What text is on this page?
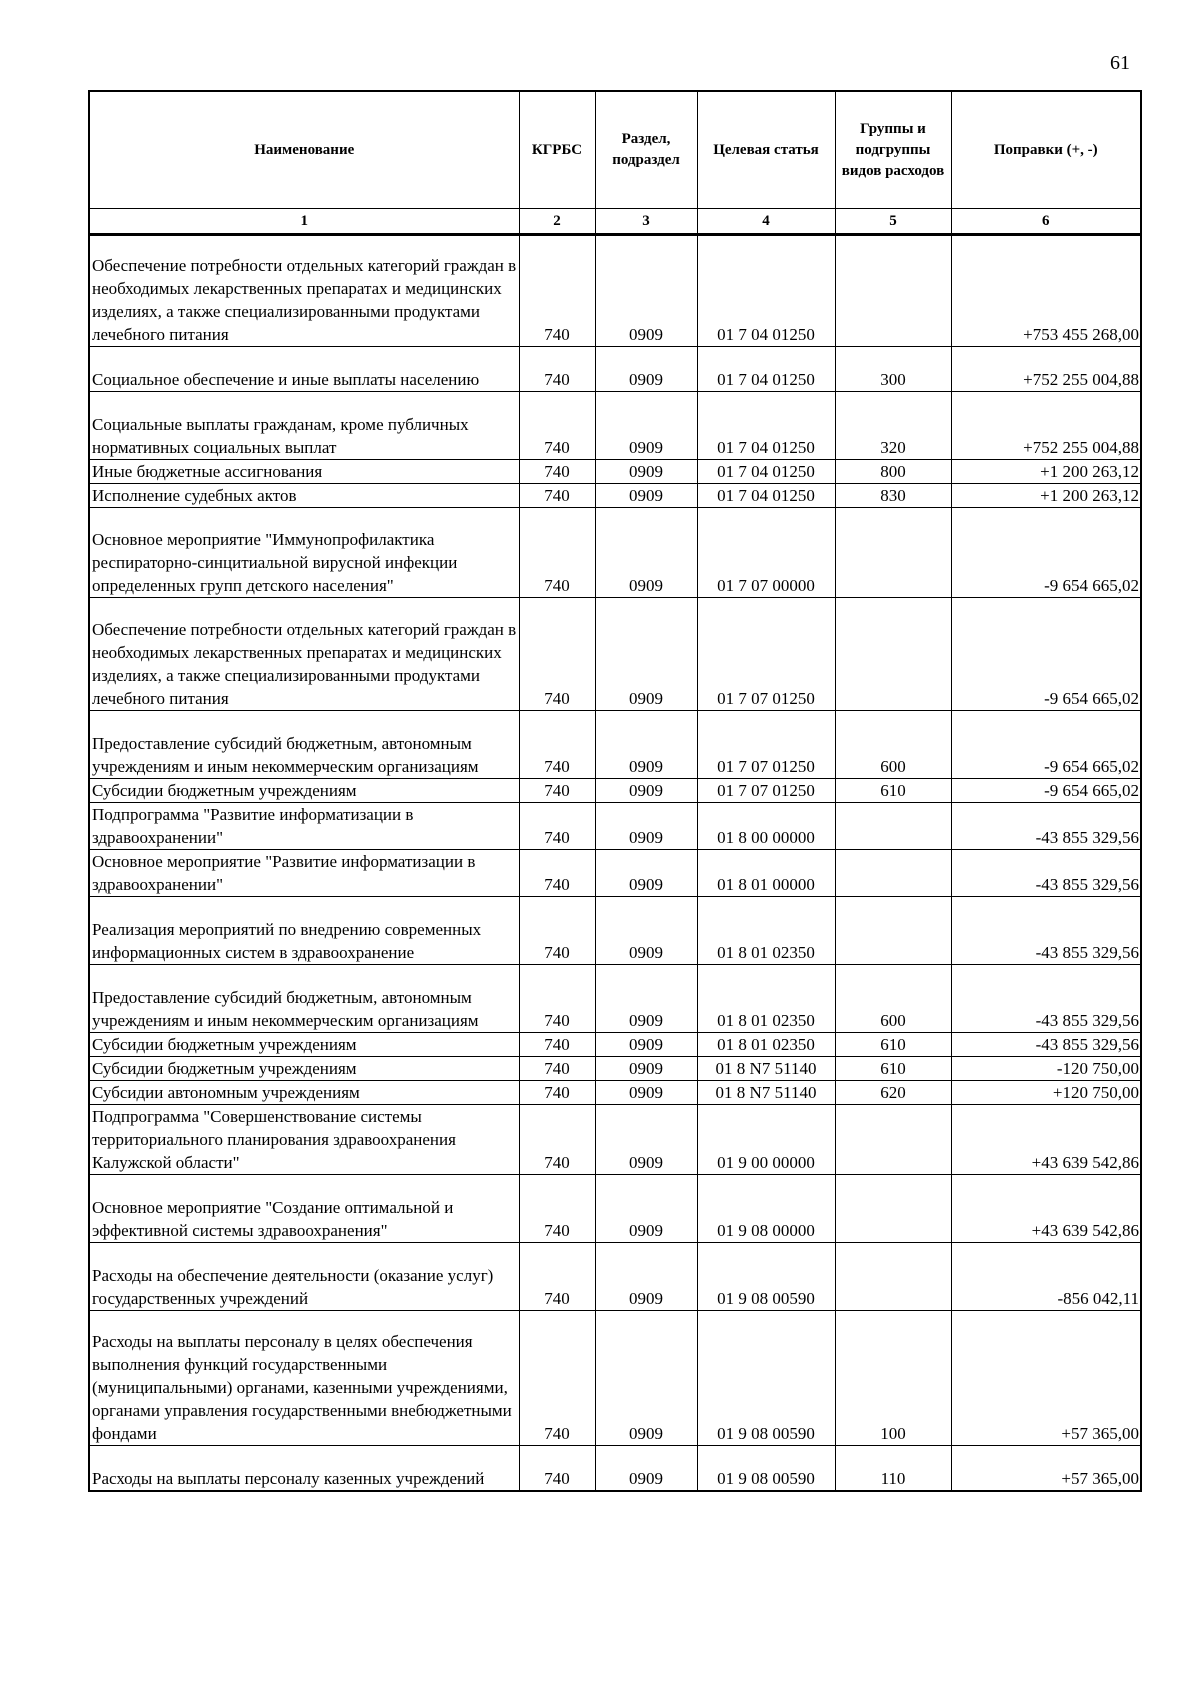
61
Наименование	КГРБС	Раздел, подраздел	Целевая статья	Группы и подгруппы видов расходов	Поправки (+, -)
1	2	3	4	5	6
Обеспечение потребности отдельных категорий граждан в необходимых лекарственных препаратах и медицинских изделиях, а также специализированными продуктами лечебного питания	740	0909	01 7 04 01250		+753 455 268,00
Социальное обеспечение и иные выплаты населению	740	0909	01 7 04 01250	300	+752 255 004,88
Социальные выплаты гражданам, кроме публичных нормативных социальных выплат	740	0909	01 7 04 01250	320	+752 255 004,88
Иные бюджетные ассигнования	740	0909	01 7 04 01250	800	+1 200 263,12
Исполнение судебных актов	740	0909	01 7 04 01250	830	+1 200 263,12
Основное мероприятие "Иммунопрофилактика респираторно-синцитиальной вирусной инфекции определенных групп детского населения"	740	0909	01 7 07 00000		-9 654 665,02
Обеспечение потребности отдельных категорий граждан в необходимых лекарственных препаратах и медицинских изделиях, а также специализированными продуктами лечебного питания	740	0909	01 7 07 01250		-9 654 665,02
Предоставление субсидий бюджетным, автономным учреждениям и иным некоммерческим организациям	740	0909	01 7 07 01250	600	-9 654 665,02
Субсидии бюджетным учреждениям	740	0909	01 7 07 01250	610	-9 654 665,02
Подпрограмма "Развитие информатизации в здравоохранении"	740	0909	01 8 00 00000		-43 855 329,56
Основное мероприятие "Развитие информатизации в здравоохранении"	740	0909	01 8 01 00000		-43 855 329,56
Реализация мероприятий по внедрению современных информационных систем в здравоохранение	740	0909	01 8 01 02350		-43 855 329,56
Предоставление субсидий бюджетным, автономным учреждениям и иным некоммерческим организациям	740	0909	01 8 01 02350	600	-43 855 329,56
Субсидии бюджетным учреждениям	740	0909	01 8 01 02350	610	-43 855 329,56
Субсидии бюджетным учреждениям	740	0909	01 8 N7 51140	610	-120 750,00
Субсидии автономным учреждениям	740	0909	01 8 N7 51140	620	+120 750,00
Подпрограмма "Совершенствование системы территориального планирования здравоохранения Калужской области"	740	0909	01 9 00 00000		+43 639 542,86
Основное мероприятие "Создание оптимальной и эффективной системы здравоохранения"	740	0909	01 9 08 00000		+43 639 542,86
Расходы на обеспечение деятельности (оказание услуг) государственных учреждений	740	0909	01 9 08 00590		-856 042,11
Расходы на выплаты персоналу в целях обеспечения выполнения функций государственными (муниципальными) органами, казенными учреждениями, органами управления государственными внебюджетными фондами	740	0909	01 9 08 00590	100	+57 365,00
Расходы на выплаты персоналу казенных учреждений	740	0909	01 9 08 00590	110	+57 365,00
